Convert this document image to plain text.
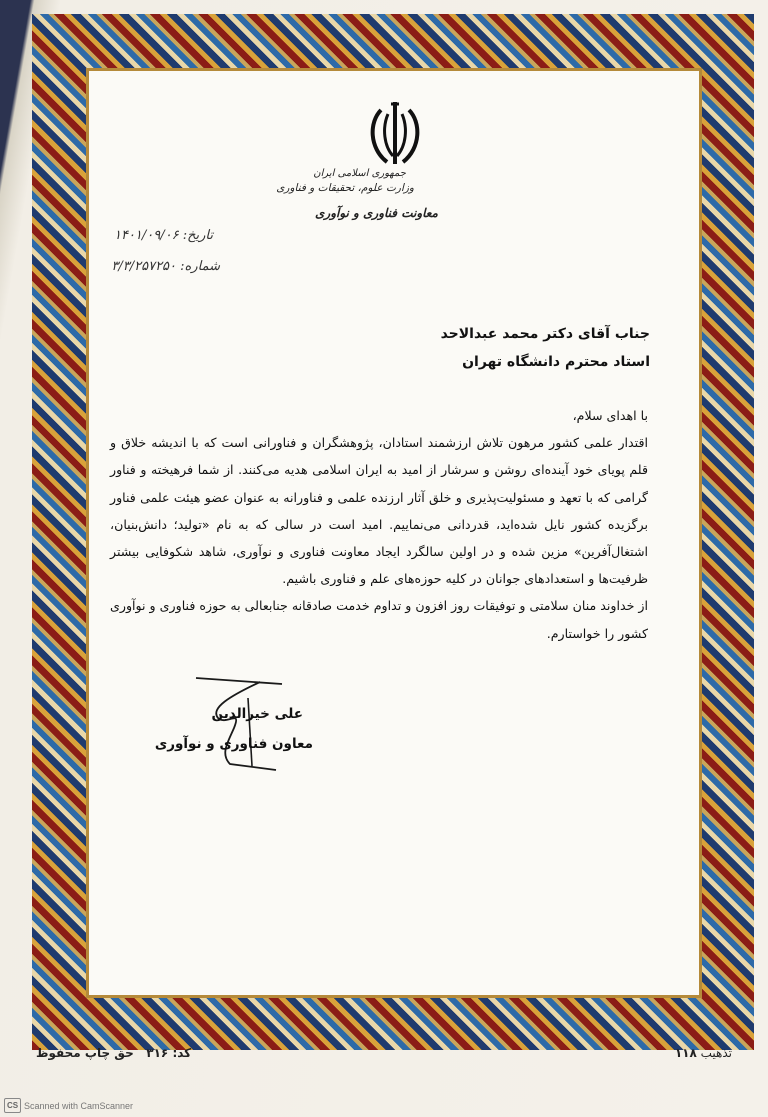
جمهوری اسلامی ایران
وزارت علوم، تحقیقات و فناوری
معاونت فناوری و نوآوری
تاریخ: ۱۴۰۱/۰۹/۰۶
شماره: ۳/۳/۲۵۷۲۵۰
جناب آقای دکتر محمد عبدالاحد
استاد محترم دانشگاه تهران

با اهدای سلام،

اقتدار علمی کشور مرهون تلاش ارزشمند استادان، پژوهشگران و فناورانی است که با اندیشه خلاق و قلم پویای خود آینده‌ای روشن و سرشار از امید به ایران اسلامی هدیه می‌کنند. از شما فرهیخته و فناور گرامی که با تعهد و مسئولیت‌پذیری و خلق آثار ارزنده علمی و فناورانه به عنوان عضو هیئت علمی فناور برگزیده کشور نایل شده‌اید، قدردانی می‌نماییم. امید است در سالی که به نام «تولید؛ دانش‌بنیان، اشتغال‌آفرین» مزین شده و در اولین سالگرد ایجاد معاونت فناوری و نوآوری، شاهد شکوفایی بیشتر ظرفیت‌ها و استعدادهای جوانان در کلیه حوزه‌های علم و فناوری باشیم.

از خداوند منان سلامتی و توفیقات روز افزون و تداوم خدمت صادقانه جنابعالی به حوزه فناوری و نوآوری کشور را خواستارم.

علی خیرالدین
معاون فناوری و نوآوری
کد: ۳۱۶   حق چاپ محفوظ	تذهیب ۱۱۸
CS Scanned with CamScanner
